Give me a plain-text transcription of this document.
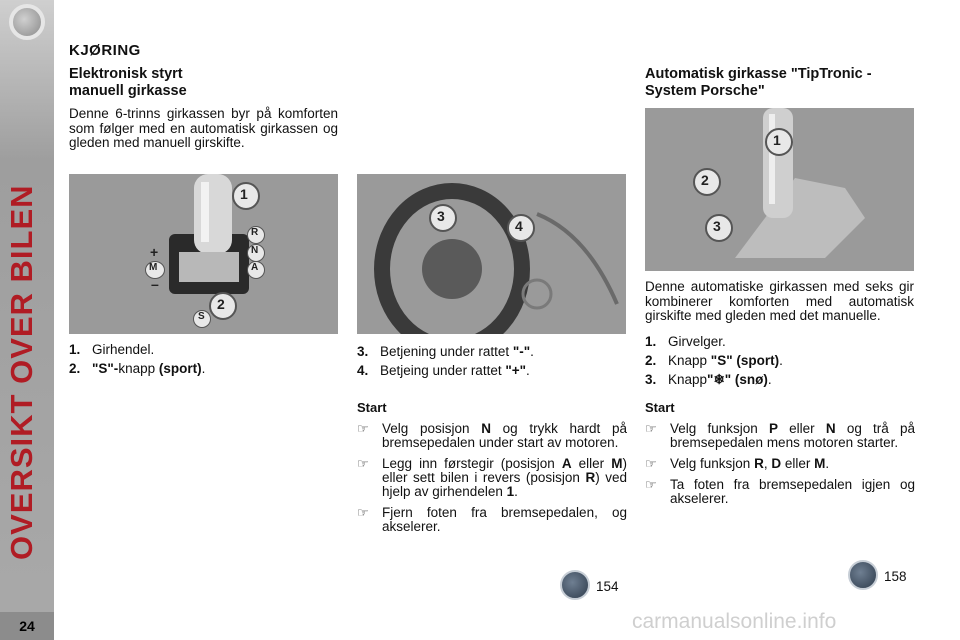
OVERSIKT OVER BILEN
24
KJØRING
Elektronisk styrt
manuell girkasse
Denne 6-trinns girkassen byr på komforten som følger med en automatisk girkassen og gleden med manuell girskifte.
1
2
R
N
A
M
+
–
S
1. Girhendel.
2. "S"-knapp (sport).
3
4
3. Betjening under rattet "-".
4. Betjeing under rattet "+".
Start
☞ Velg posisjon N og trykk hardt på bremsepedalen under start av motoren.
☞ Legg inn førstegir (posisjon A eller M) eller sett bilen i revers (posisjon R) ved hjelp av girhendelen 1.
☞ Fjern foten fra bremsepedalen, og akselerer.
154
Automatisk girkasse "TipTronic -
System Porsche"
1
2
3
Denne automatiske girkassen med seks gir kombinerer komforten med automatisk girskifte med gleden med det manuelle.
1. Girvelger.
2. Knapp "S" (sport).
3. Knapp"❄" (snø).
Start
☞ Velg funksjon P eller N og trå på bremsepedalen mens motoren starter.
☞ Velg funksjon R, D eller M.
☞ Ta foten fra bremsepedalen igjen og akselerer.
158
carmanualsonline.info
